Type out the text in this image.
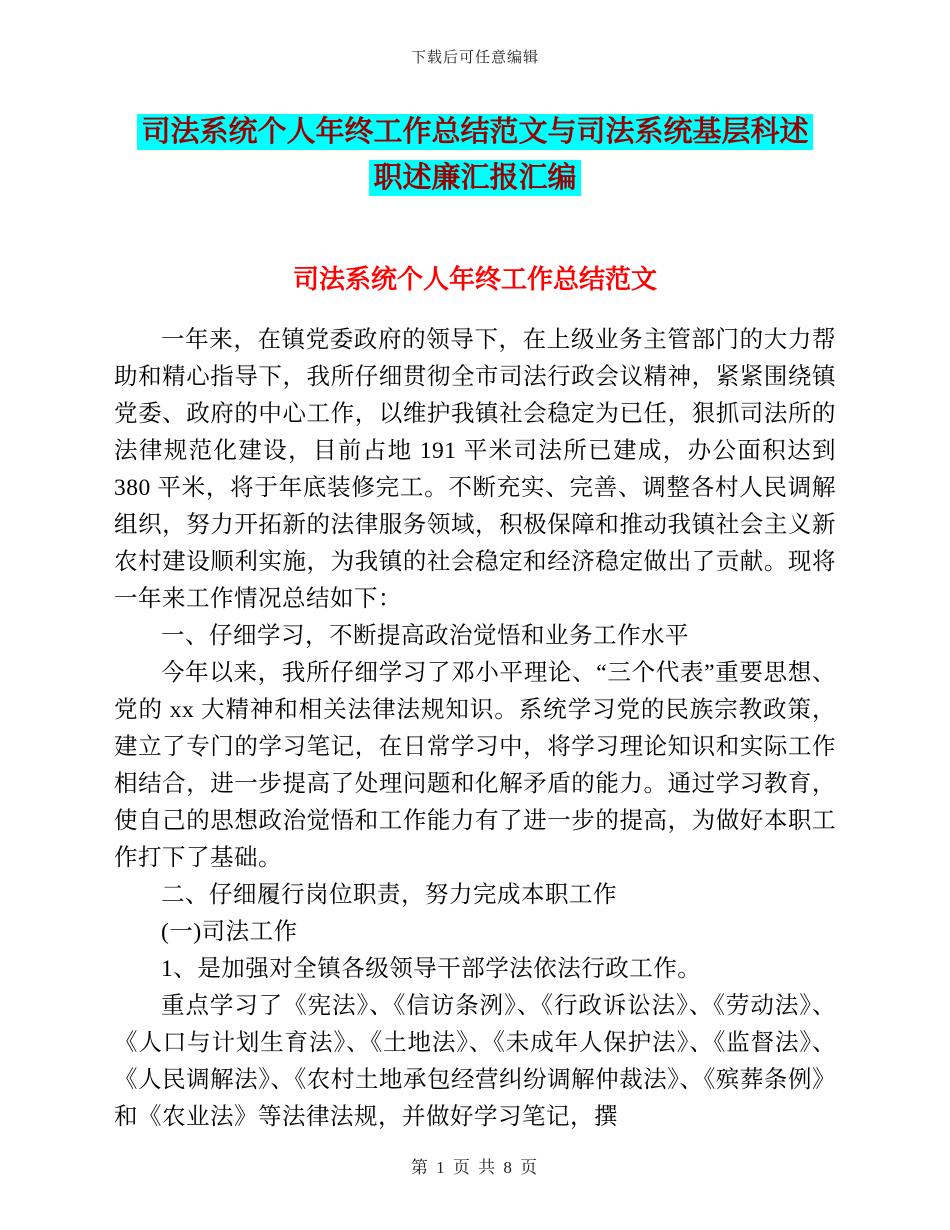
下载后可任意编辑
司法系统个人年终工作总结范文与司法系统基层科述
职述廉汇报汇编
司法系统个人年终工作总结范文

一年来，在镇党委政府的领导下，在上级业务主管部门的大力帮助和精心指导下，我所仔细贯彻全市司法行政会议精神，紧紧围绕镇党委、政府的中心工作，以维护我镇社会稳定为已任，狠抓司法所的法律规范化建设，目前占地 191 平米司法所已建成，办公面积达到 380 平米，将于年底装修完工。不断充实、完善、调整各村人民调解组织，努力开拓新的法律服务领域，积极保障和推动我镇社会主义新农村建设顺利实施，为我镇的社会稳定和经济稳定做出了贡献。现将一年来工作情况总结如下：

一、仔细学习，不断提高政治觉悟和业务工作水平

今年以来，我所仔细学习了邓小平理论、“三个代表”重要思想、党的 xx 大精神和相关法律法规知识。系统学习党的民族宗教政策，建立了专门的学习笔记，在日常学习中，将学习理论知识和实际工作相结合，进一步提高了处理问题和化解矛盾的能力。通过学习教育，使自己的思想政治觉悟和工作能力有了进一步的提高，为做好本职工作打下了基础。

二、仔细履行岗位职责，努力完成本职工作

(一)司法工作

1、是加强对全镇各级领导干部学法依法行政工作。

重点学习了《宪法》、《信访条洌》、《行政诉讼法》、《劳动法》、《人口与计划生育法》、《土地法》、《未成年人保护法》、《监督法》、《人民调解法》、《农村土地承包经营纠纷调解仲裁法》、《殡葬条例》和《农业法》等法律法规，并做好学习笔记，撰

第 1 页 共 8 页
